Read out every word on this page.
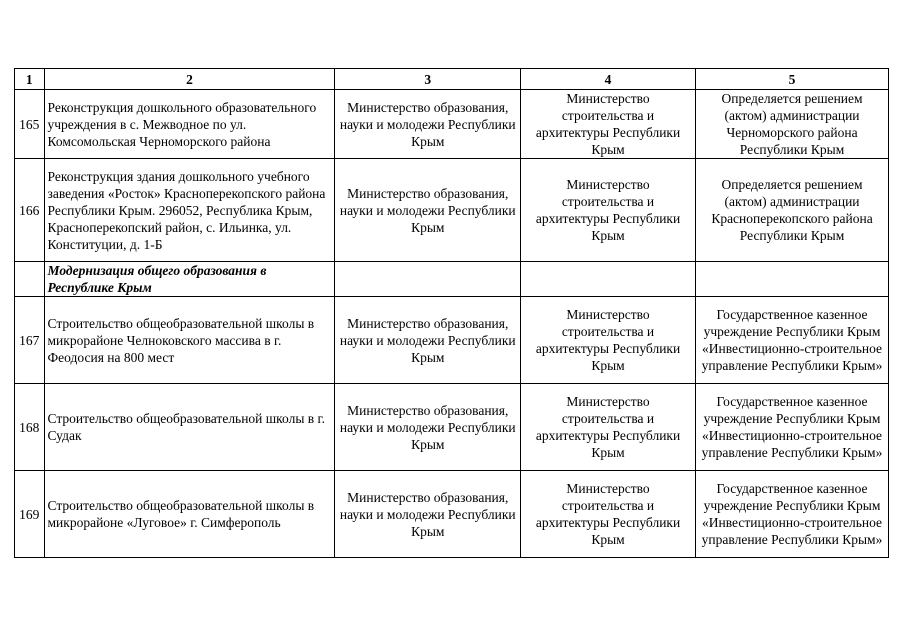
1	2	3	4	5
165	Реконструкция дошкольного образовательного учреждения в с. Межводное по ул. Комсомольская Черноморского района	Министерство образования, науки и молодежи Республики Крым	Министерство строительства и архитектуры Республики Крым	Определяется решением (актом) администрации Черноморского района Республики Крым
166	Реконструкция здания дошкольного учебного заведения «Росток» Красноперекопского района Республики Крым. 296052, Республика Крым, Красноперекопский район, с. Ильинка, ул. Конституции, д. 1-Б	Министерство образования, науки и молодежи Республики Крым	Министерство строительства и архитектуры Республики Крым	Определяется решением (актом) администрации Красноперекопского района Республики Крым
	Модернизация общего образования в Республике Крым			
167	Строительство общеобразовательной школы в микрорайоне Челноковского массива в г. Феодосия на 800 мест	Министерство образования, науки и молодежи Республики Крым	Министерство строительства и архитектуры Республики Крым	Государственное казенное учреждение Республики Крым «Инвестиционно-строительное управление Республики Крым»
168	Строительство общеобразовательной школы в г. Судак	Министерство образования, науки и молодежи Республики Крым	Министерство строительства и архитектуры Республики Крым	Государственное казенное учреждение Республики Крым «Инвестиционно-строительное управление Республики Крым»
169	Строительство общеобразовательной школы в микрорайоне «Луговое» г. Симферополь	Министерство образования, науки и молодежи Республики Крым	Министерство строительства и архитектуры Республики Крым	Государственное казенное учреждение Республики Крым «Инвестиционно-строительное управление Республики Крым»
